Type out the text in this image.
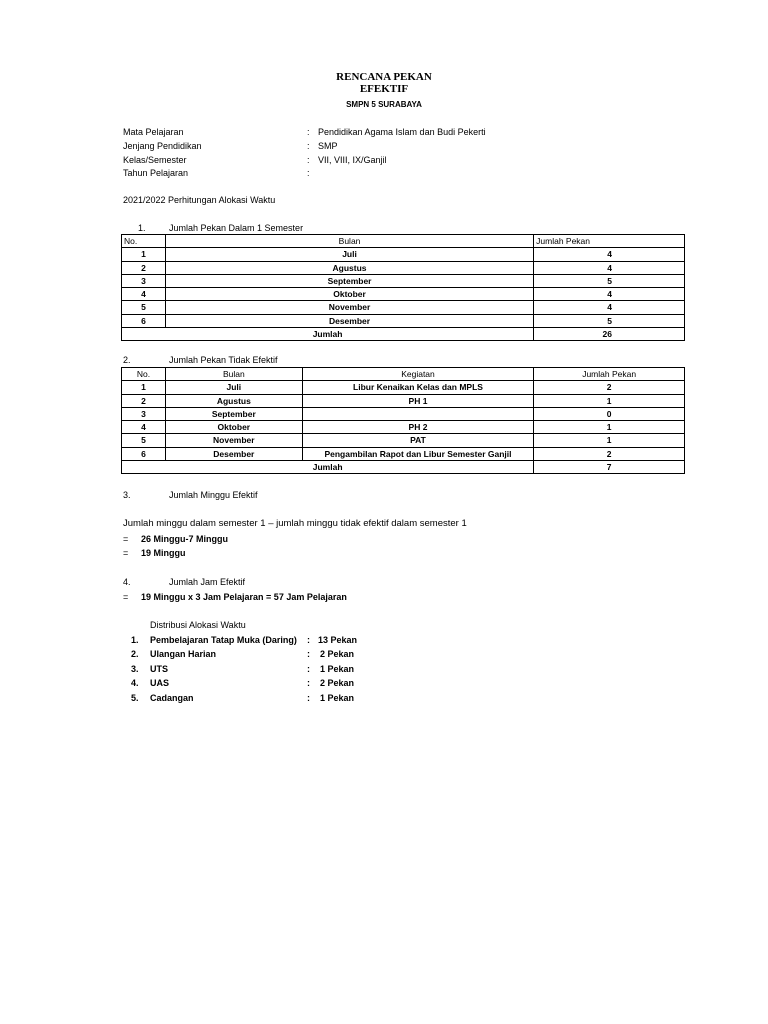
RENCANA PEKAN
EFEKTIF
SMPN 5 SURABAYA
Mata Pelajaran	: Pendidikan Agama Islam dan Budi Pekerti
Jenjang Pendidikan	: SMP
Kelas/Semester	: VII, VIII, IX/Ganjil
Tahun Pelajaran	:
2021/2022 Perhitungan Alokasi Waktu
1.	Jumlah Pekan Dalam 1 Semester
No.	Bulan	Jumlah Pekan
1	Juli	4
2	Agustus	4
3	September	5
4	Oktober	4
5	November	4
6	Desember	5
Jumlah		26
2.	Jumlah Pekan Tidak Efektif
No.	Bulan	Kegiatan	Jumlah Pekan
1	Juli	Libur Kenaikan Kelas dan MPLS	2
2	Agustus	PH 1	1
3	September		0
4	Oktober	PH 2	1
5	November	PAT	1
6	Desember	Pengambilan Rapot dan Libur Semester Ganjil	2
Jumlah			7
3.	Jumlah Minggu Efektif
Jumlah minggu dalam semester 1 – jumlah minggu tidak efektif dalam semester 1
= 26 Minggu-7 Minggu
= 19 Minggu
4.	Jumlah Jam Efektif
= 19 Minggu x 3 Jam Pelajaran = 57 Jam Pelajaran
Distribusi Alokasi Waktu
1. Pembelajaran Tatap Muka (Daring) : 13 Pekan
2. Ulangan Harian	: 2 Pekan
3. UTS	: 1 Pekan
4. UAS	: 2 Pekan
5. Cadangan	: 1 Pekan
